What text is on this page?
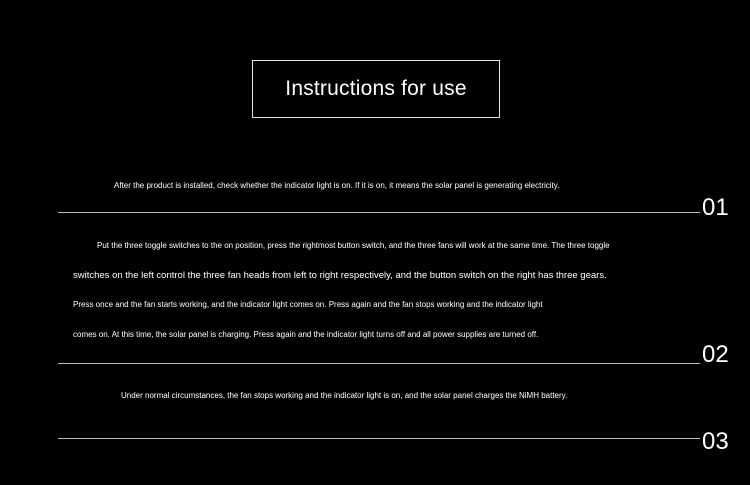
Instructions for use
After the product is installed, check whether the indicator light is on. If it is on, it means the solar panel is generating electricity.
01
Put the three toggle switches to the on position, press the rightmost button switch, and the three fans will work at the same time. The three toggle
switches on the left control the three fan heads from left to right respectively, and the button switch on the right has three gears.
Press once and the fan starts working, and the indicator light comes on. Press again and the fan stops working and the indicator light
comes on. At this time, the solar panel is charging. Press again and the indicator light turns off and all power supplies are turned off.
02
Under normal circumstances, the fan stops working and the indicator light is on, and the solar panel charges the NiMH battery.
03
